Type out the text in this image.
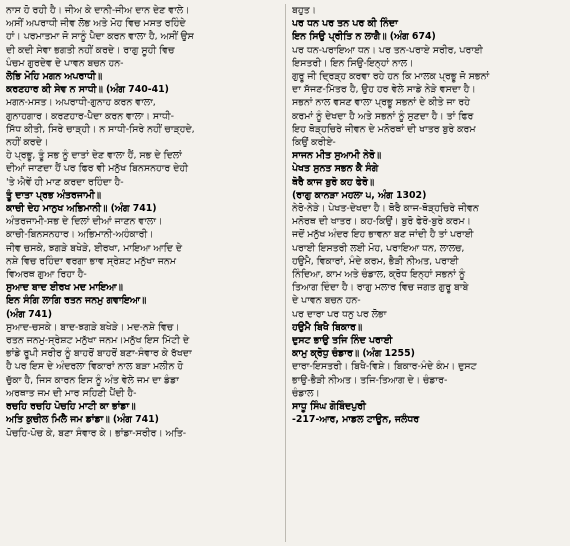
ਨਾਸ ਹੋ ਰਹੀ ਹੈ। ਜੀਅ ਕੇ ਦਾਨੀ-ਜੀਅ ਦਾਨ ਦੇਣ ਵਾਲੇ।
ਅਸੀਂ ਅਪਰਾਧੀ ਜੀਵ ਲੋਭ ਅਤੇ ਮੋਹ ਵਿਚ ਮਸਤ ਰਹਿੰਦੇ
ਹਾਂ। ਪਰਮਾਤਮਾ ਜੋ ਸਾਨੂੰ ਪੈਦਾ ਕਰਨ ਵਾਲਾ ਹੈ, ਅਸੀਂ ਉਸ
ਦੀ ਕਦੀ ਸੇਵਾ ਭਗਤੀ ਨਹੀਂ ਕਰਦੇ। ਰਾਗੁ ਸੂਹੀ ਵਿਚ
ਪੰਚਮ ਗੁਰਦੇਵ ਦੇ ਪਾਵਨ ਬਚਨ ਹਨ-
ਲੋਭਿ ਮੋਹਿ ਮਗਨ ਅਪਰਾਧੀ॥
ਕਰਣਹਾਰ ਕੀ ਸੇਵ ਨ ਸਾਧੀ॥ (ਅੰਗ 740-41)
ਮਗਨ-ਮਸਤ। ਅਪਰਾਧੀ-ਗੁਨਾਹ ਕਰਨ ਵਾਲਾ,
ਗੁਨਾਹਗਾਰ। ਕਰਣਹਾਰ-ਪੈਦਾ ਕਰਨ ਵਾਲਾ। ਸਾਧੀ-
ਸਿੱਧ ਕੀਤੀ, ਸਿਰੇ ਚਾੜ੍ਹੀ। ਨ ਸਾਧੀ-ਸਿਰੇ ਨਹੀਂ ਚਾੜ੍ਹਦੇ,
ਨਹੀਂ ਕਰਦੇ।
ਹੇ ਪ੍ਰਭੂ, ਤੂੰ ਸਭ ਨੂੰ ਦਾਤਾਂ ਦੇਣ ਵਾਲਾ ਹੈਂ, ਸਭ ਦੇ ਦਿਲਾਂ
ਦੀਆਂ ਜਾਣਦਾ ਹੈਂ ਪਰ ਫਿਰ ਵੀ ਮਨੁੱਖ ਬਿਨਸਨਹਾਰ ਦੇਹੀ
'ਤੇ ਐਵੇਂ ਹੀ ਮਾਣ ਕਰਦਾ ਰਹਿੰਦਾ ਹੈ-
ਤੂੰ ਦਾਤਾ ਪ੍ਰਭ ਅੰਤਰਜਾਮੀ॥
ਕਾਚੀ ਦੇਹ ਮਾਨੁਖ ਅਭਿਮਾਨੀ॥ (ਅੰਗ 741)
ਅੰਤਰਜਾਮੀ-ਸਭ ਦੇ ਦਿਲਾਂ ਦੀਆਂ ਜਾਣਨ ਵਾਲਾ।
ਕਾਚੀ-ਬਿਨਸਨਹਾਰ। ਅਭਿਮਾਨੀ-ਅਹੰਕਾਰੀ।
ਜੀਵ ਚਸਕੇ, ਝਗੜੇ ਬਖੇੜੇ, ਈਰਖਾ, ਮਾਇਆ ਆਦਿ ਦੇ
ਨਸ਼ੇ ਵਿਚ ਰਹਿੰਦਾ ਵਰਗਾ ਭਾਵ ਸ੍ਰੇਸ਼ਟ ਮਨੁੱਖਾ ਜਨਮ
ਵਿਅਰਥ ਗੁਆ ਰਿਹਾ ਹੈ-
ਸੁਆਦ ਬਾਦ ਈਰਖ ਮਦ ਮਾਇਆ॥
ਇਨ ਸੰਗਿ ਲਾਗਿ ਰਤਨ ਜਨਮੁ ਗਵਾਇਆ॥
(ਅੰਗ 741)
ਸੁਆਦ-ਚਸਕੇ। ਬਾਦ-ਝਗੜੇ ਬਖੇੜੇ। ਮਦ-ਨਸ਼ੇ ਵਿਚ।
ਰਤਨ ਜਨਮੁ-ਸ੍ਰੇਸ਼ਟ ਮਨੁੱਖਾ ਜਨਮ।ਮਨੁੱਖ ਇਸ ਮਿੱਟੀ ਦੇ
ਭਾਂਡੇ ਰੂਪੀ ਸਰੀਰ ਨੂੰ ਬਾਹਰੋਂ ਬਾਹਰੋਂ ਬਣਾ-ਸੰਵਾਰ ਕੇ ਰੱਖਦਾ
ਹੈ ਪਰ ਇਸ ਦੇ ਅੰਦਰਲਾ ਵਿਕਾਰਾਂ ਨਾਲ ਬੜਾ ਮਲੀਨ ਹੋ
ਚੁੱਕਾ ਹੈ, ਜਿਸ ਕਾਰਨ ਇਸ ਨੂੰ ਅੰਤ ਵੇਲੇ ਜਮ ਦਾ ਡੰਡਾ
ਅਰਥਾਤ ਜਮ ਦੀ ਮਾਰ ਸਹਿਣੀ ਪੈਂਦੀ ਹੈ-
ਰਚਹਿ ਰਚਹਿ ਪੋਚਹਿ ਮਾਟੀ ਕਾ ਭਾਂਡਾ॥
ਅਤਿ ਕੁਚੀਲ ਮਿਲੈ ਜਮ ਡਾਂਡਾ॥ (ਅੰਗ 741)
ਪੋਚਹਿ-ਪੋਚ ਕੇ, ਬਣਾ ਸੰਵਾਰ ਕੇ। ਭਾਂਡਾ-ਸਰੀਰ। ਅਤਿ-
ਬਹੁਤ।
ਪਰ ਧਨ ਪਰ ਤਨ ਪਰ ਕੀ ਨਿੰਦਾ
ਇਨ ਸਿਉ ਪ੍ਰੀਤਿ ਨ ਲਾਗੈ॥ (ਅੰਗ 674)
ਪਰ ਧਨ-ਪਰਾਇਆ ਧਨ। ਪਰ ਤਨ-ਪਰਾਏ ਸਰੀਰ, ਪਰਾਈ
ਇਸਤਰੀ। ਇਨ ਸਿਉ-ਇਨ੍ਹਾਂ ਨਾਲ।
ਗੁਰੂ ਜੀ ਦ੍ਰਿੜ੍ਹ ਕਰਵਾ ਰਹੇ ਹਨ ਕਿ ਮਾਲਕ ਪ੍ਰਭੂ ਜੋ ਸਭਨਾਂ
ਦਾ ਸੱਜਣ-ਮਿੱਤਰ ਹੈ, ਉਹ ਹਰ ਵੇਲੇ ਸਾਡੇ ਨੇੜੇ ਵਸਦਾ ਹੈ।
ਸਭਨਾਂ ਨਾਲ ਵਸਣ ਵਾਲਾ ਪ੍ਰਭੂ ਸਭਨਾਂ ਦੇ ਕੀਤੇ ਜਾ ਰਹੇ
ਕਰਮਾਂ ਨੂੰ ਦੇਖਦਾ ਹੈ ਅਤੇ ਸਭਨਾਂ ਨੂੰ ਸੁਣਦਾ ਹੈ। ਤਾਂ ਫਿਰ
ਇਹ ਥੋੜ੍ਹਚਿਰੇ ਜੀਵਨ ਦੇ ਮਨੋਰਥਾਂ ਦੀ ਖਾਤਰ ਬੁਰੇ ਕਰਮ
ਕਿਉਂ ਕਰੀਏ-
ਸਾਜਨ ਮੀਤ ਸੁਆਮੀ ਨੇਰੋ॥
ਪੇਖਤ ਸੁਨਤ ਸਭਨ ਕੈ ਸੰਗੇ
ਥੋਰੈ ਕਾਜ ਬੁਰੋ ਕਹ ਫੇਰੋ॥
(ਰਾਗੁ ਕਾਨੜਾ ਮਹਲਾ ੫, ਅੰਗ 1302)
ਨੇਰੋ-ਨੇੜੇ। ਪੇਖਤ-ਦੇਖਦਾ ਹੈ। ਥੋਰੈ ਕਾਜ-ਥੋੜ੍ਹਚਿਰੇ ਜੀਵਨ
ਮਨੋਰਥ ਦੀ ਖਾਤਰ। ਕਹ-ਕਿਉਂ। ਬੁਰੋ ਫੇਰੋ-ਬੁਰੇ ਕਰਮ।
ਜਦੋਂ ਮਨੁੱਖ ਅੰਦਰ ਇਹ ਭਾਵਨਾ ਬਣ ਜਾਂਦੀ ਹੈ ਤਾਂ ਪਰਾਈ
ਪਰਾਈ ਇਸਤਰੀ ਲਈ ਮੋਹ, ਪਰਾਇਆ ਧਨ, ਲਾਲਚ,
ਹਉਮੈ, ਵਿਕਾਰਾਂ, ਮੰਦੇ ਕਰਮ, ਭੈੜੀ ਨੀਅਤ, ਪਰਾਈ
ਨਿੰਦਿਆ, ਕਾਮ ਅਤੇ ਚੰਡਾਲ, ਕ੍ਰੋਧ ਇਨ੍ਹਾਂ ਸਭਨਾਂ ਨੂੰ
ਤਿਆਗ ਦਿੰਦਾ ਹੈ। ਰਾਗੁ ਮਲਾਰ ਵਿਚ ਜਗਤ ਗੁਰੂ ਬਾਬੇ
ਦੇ ਪਾਵਨ ਬਚਨ ਹਨ-
ਪਰ ਦਾਰਾ ਪਰ ਧਨੁ ਪਰ ਲੋਭਾ
ਹਉਮੈ ਬਿਖੈ ਬਿਕਾਰ॥
ਦੁਸਟ ਭਾਉ ਤਜਿ ਨਿੰਦ ਪਰਾਈ
ਕਾਮੁ ਕ੍ਰੋਧੁ ਚੰਡਾਰ॥ (ਅੰਗ 1255)
ਦਾਰਾ-ਇਸਤਰੀ। ਬਿਖੈ-ਵਿਸ਼ੇ। ਬਿਕਾਰ-ਮੰਦੇ ਕੰਮ। ਦੁਸਟ
ਭਾਉ-ਭੈੜੀ ਨੀਅਤ। ਤਜਿ-ਤਿਆਗ ਦੇ। ਚੰਡਾਰ-
ਚੰਡਾਲ।
ਸਾਧੂ ਸਿੰਘ ਗੋਬਿੰਦਪੁਰੀ
-217-ਆਰ, ਮਾਡਲ ਟਾਊਨ, ਜਲੰਧਰ
